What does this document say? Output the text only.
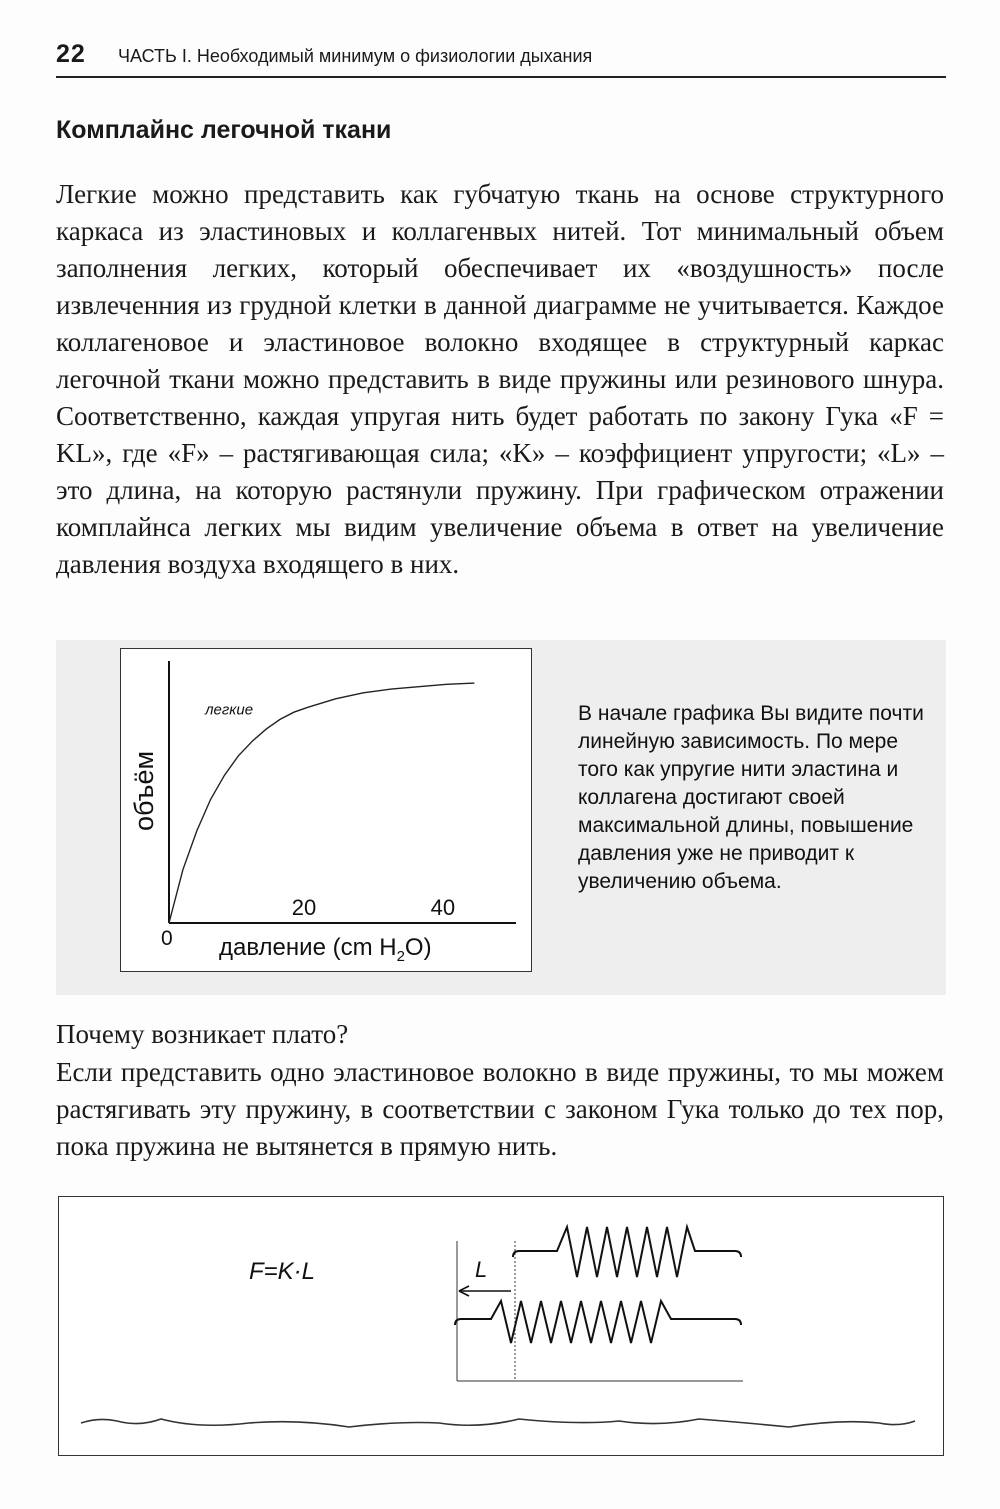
22 ЧАСТЬ I. Необходимый минимум о физиологии дыхания
Комплайнс легочной ткани

Легкие можно представить как губчатую ткань на основе структурного каркаса из эластиновых и коллагенвых нитей. Тот минимальный объем заполнения легких, который обеспечивает их «воздушность» после извлеченния из грудной клетки в данной диаграмме не учитывается. Каждое коллагеновое и эластиновое волокно входящее в структурный каркас легочной ткани можно представить в виде пружины или резинового шнура. Соответственно, каждая упругая нить будет работать по закону Гука «F = KL», где «F» – растягивающая сила; «K» – коэффициент упругости; «L» – это длина, на которую растянули пружину. При графическом отражении комплайнса легких мы видим увеличение объема в ответ на увеличение давления воздуха входящего в них.

легкие
объём
20	40
0 давление (cm $H_2O$)

В начале графика Вы видите почти линейную зависимость. По мере того как упругие нити эластина и коллагена достигают своей максимальной длины, повышение давления уже не приводит к увеличению объема.

Почему возникает плато?

Если представить одно эластиновое волокно в виде пружины, то мы можем растягивать эту пружину, в соответствии с законом Гука только до тех пор, пока пружина не вытянется в прямую нить.

F=K·L	L
